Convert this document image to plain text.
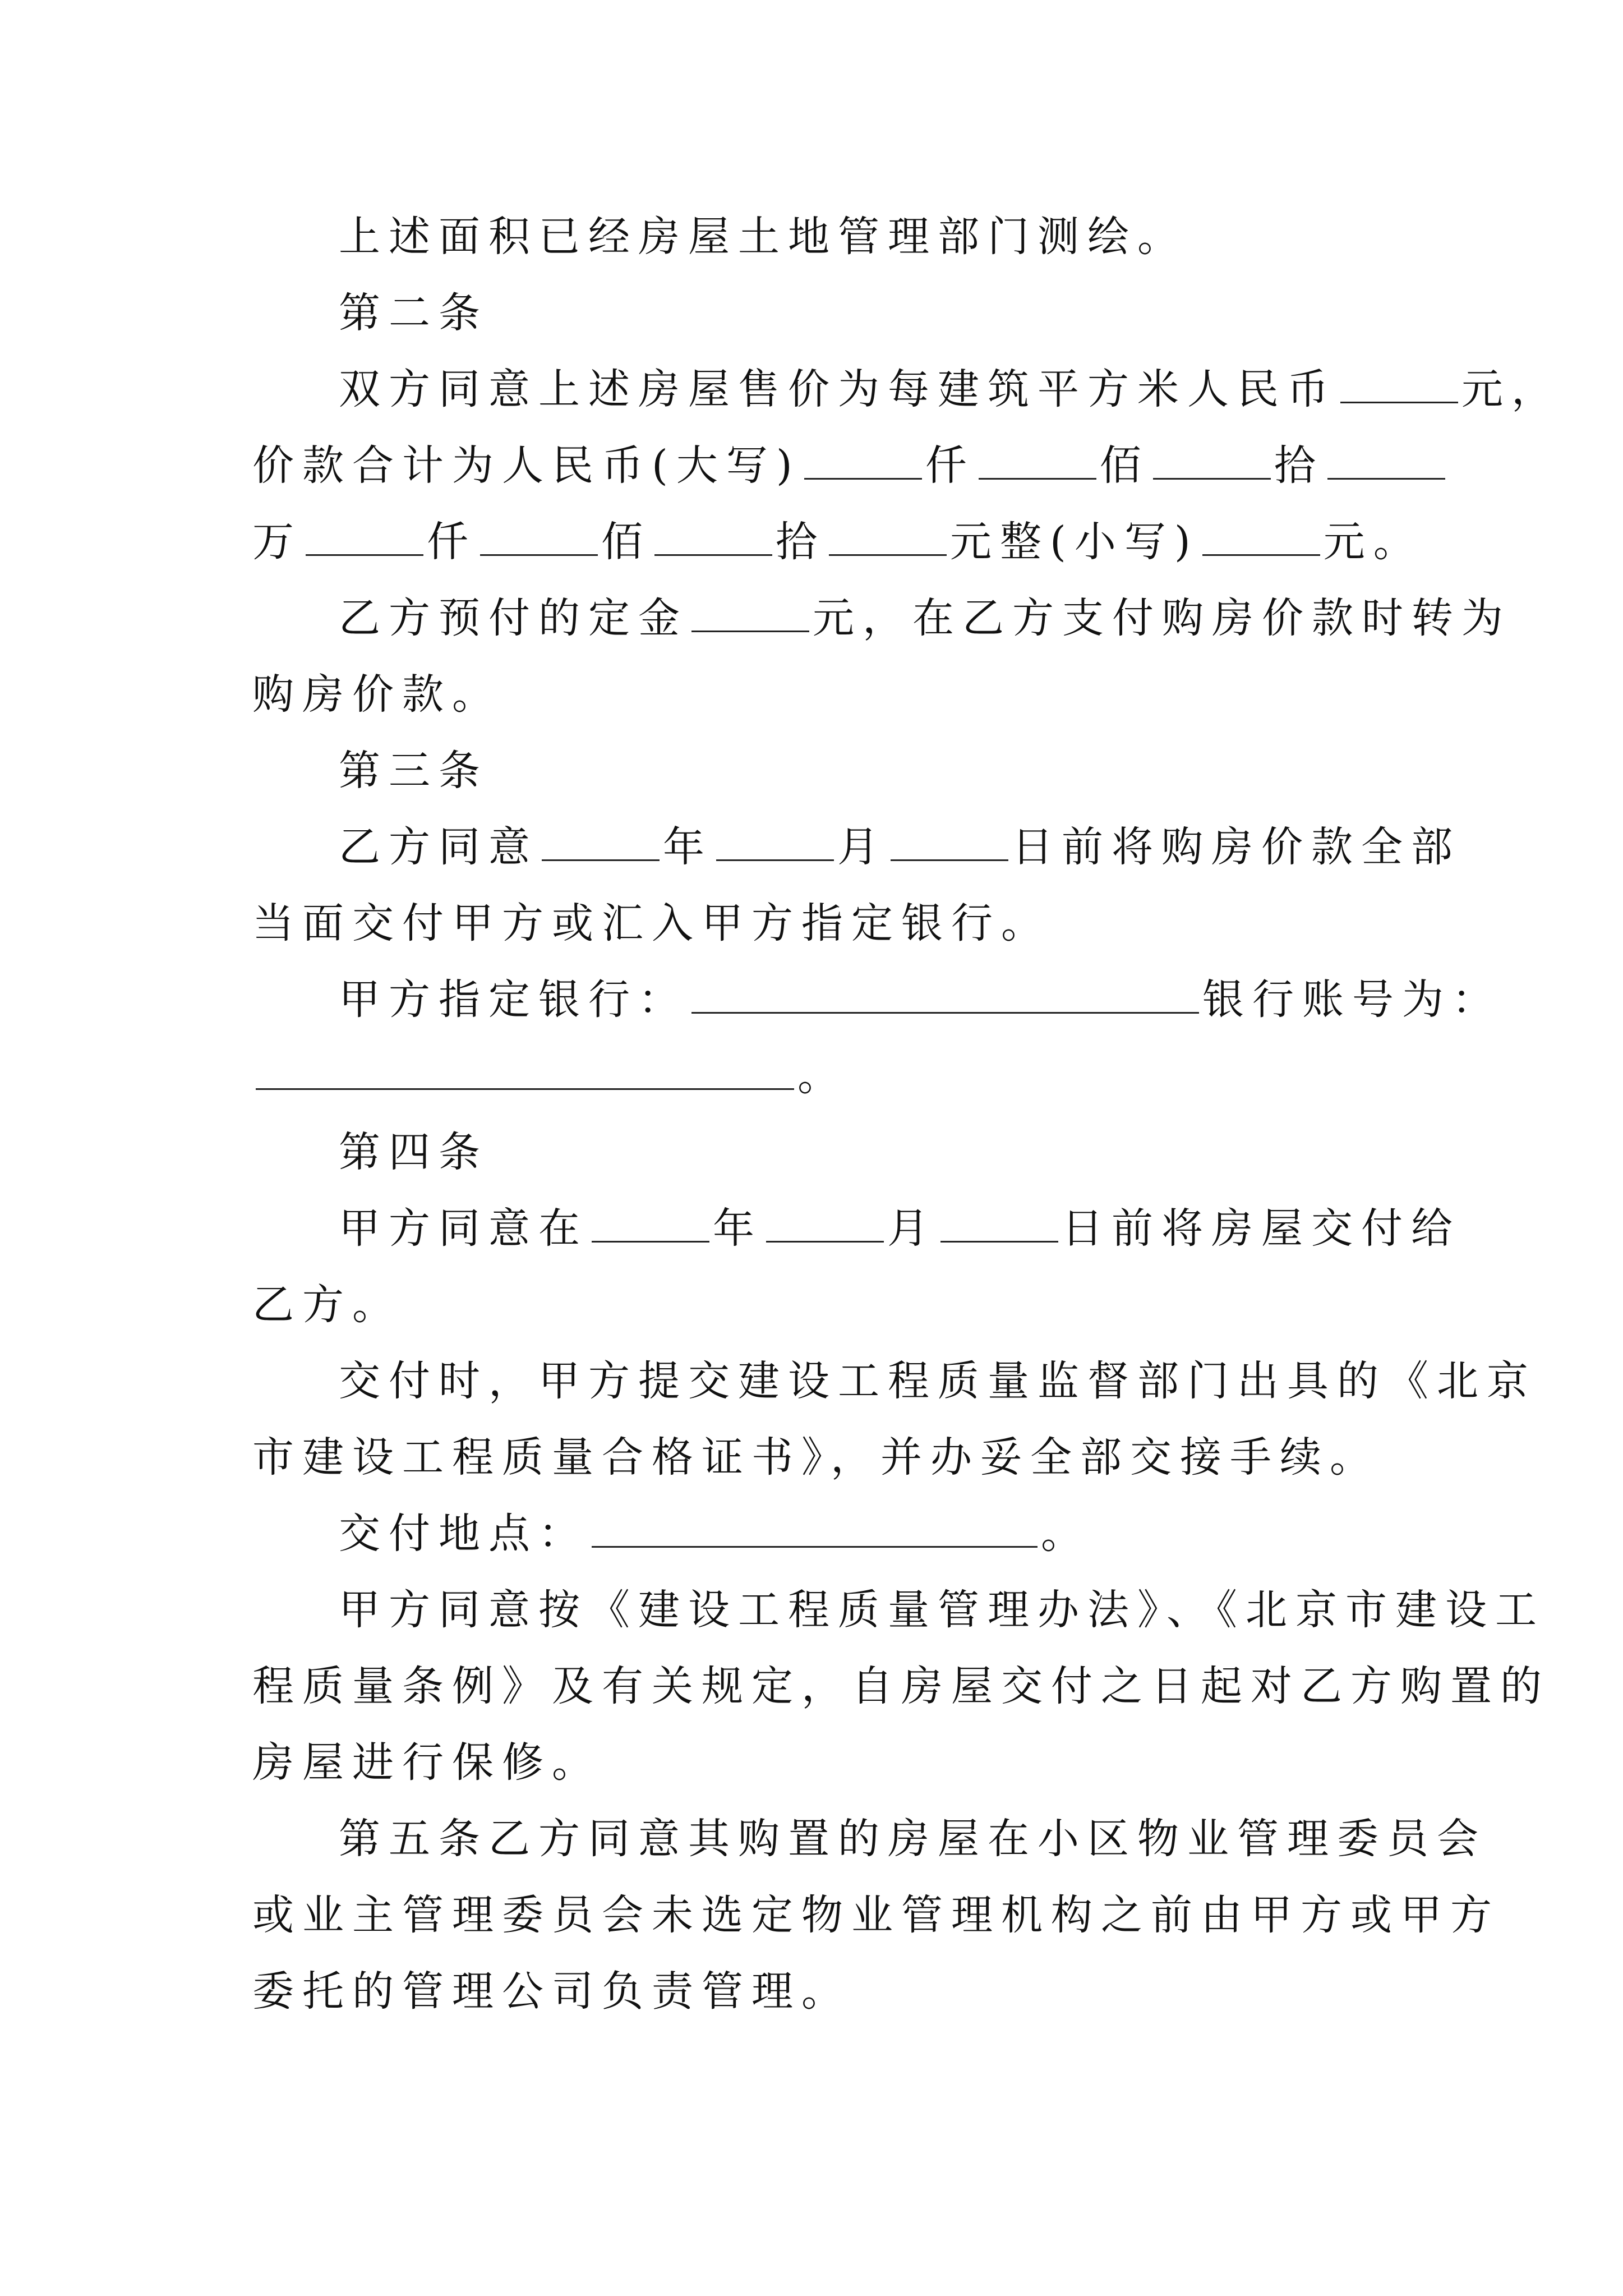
上述面积已经房屋土地管理部门测绘。
第二条
双方同意上述房屋售价为每建筑平方米人民币	元，
价款合计为人民币(大写)	仟	佰	拾
万	仟	佰	拾	元整(小写)	元。
乙方预付的定金	元，在乙方支付购房价款时转为
购房价款。
第三条
乙方同意	年	月	日前将购房价款全部
当面交付甲方或汇入甲方指定银行。
甲方指定银行：	银行账号为：
。
第四条
甲方同意在	年	月	日前将房屋交付给
乙方。
交付时，甲方提交建设工程质量监督部门出具的《北京
市建设工程质量合格证书》，并办妥全部交接手续。
交付地点：	。
甲方同意按《建设工程质量管理办法》、《北京市建设工
程质量条例》及有关规定，自房屋交付之日起对乙方购置的
房屋进行保修。
第五条乙方同意其购置的房屋在小区物业管理委员会
或业主管理委员会未选定物业管理机构之前由甲方或甲方
委托的管理公司负责管理。
